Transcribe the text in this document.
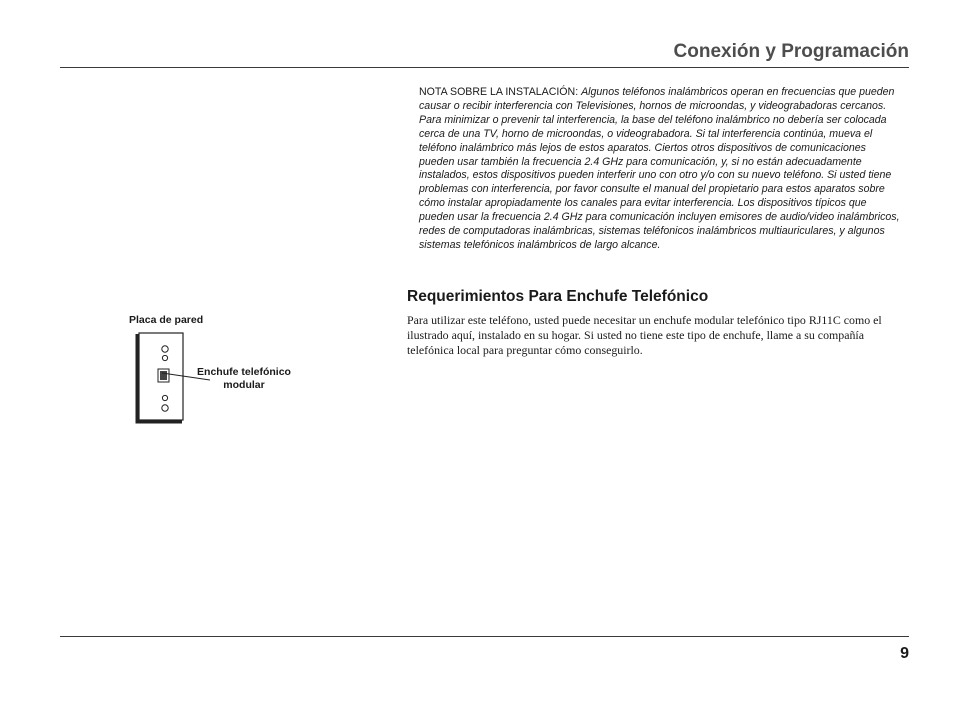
Conexión y Programación
NOTA SOBRE LA INSTALACIÓN: Algunos teléfonos inalámbricos operan en frecuencias que pueden causar o recibir interferencia con Televisiones, hornos de microondas, y videograbadoras cercanos. Para minimizar o prevenir tal interferencia, la base del teléfono inalámbrico no debería ser colocada cerca de una TV, horno de microondas, o videograbadora. Si tal interferencia continúa, mueva el teléfono inalámbrico más lejos de estos aparatos. Ciertos otros dispositivos de comunicaciones pueden usar también la frecuencia 2.4 GHz para comunicación, y, si no están adecuadamente instalados, estos dispositivos pueden interferir uno con otro y/o con su nuevo teléfono. Si usted tiene problemas con interferencia, por favor consulte el manual del propietario para estos aparatos sobre cómo instalar apropiadamente los canales para evitar interferencia. Los dispositivos típicos que pueden usar la frecuencia 2.4 GHz para comunicación incluyen emisores de audio/video inalámbricos, redes de computadoras inalámbricas, sistemas teléfonicos inalámbricos multiauriculares, y algunos sistemas telefónicos inalámbricos de largo alcance.
Requerimientos Para Enchufe Telefónico
Para utilizar este teléfono, usted puede necesitar un enchufe modular telefónico tipo RJ11C como el ilustrado aquí, instalado en su hogar. Si usted no tiene este tipo de enchufe, llame a su compañía telefónica local para preguntar cómo conseguirlo.
Placa de pared
Enchufe telefónico
modular
9
